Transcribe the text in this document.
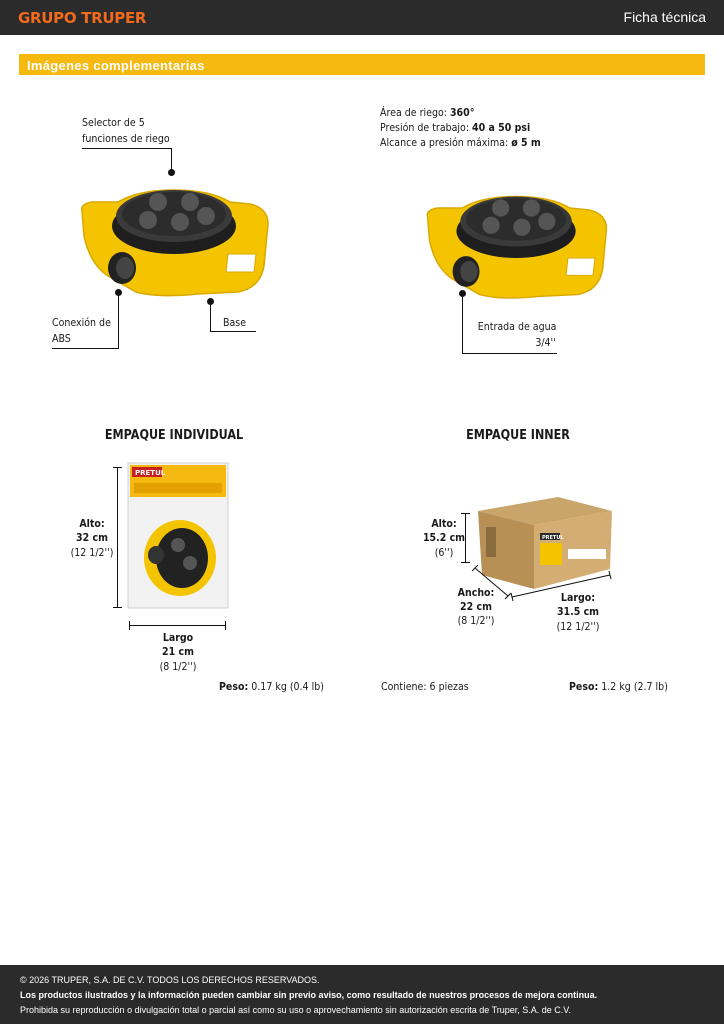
GRUPO TRUPER	Ficha técnica
Imágenes complementarias
Selector de 5
funciones de riego
Conexión de
ABS
Base
Área de riego: 360°
Presión de trabajo: 40 a 50 psi
Alcance a presión máxima: ø 5 m
Entrada de agua
3/4''
EMPAQUE INDIVIDUAL
PRETUL
Alto:
32 cm
(12 1/2'')
Largo
21 cm
(8 1/2'')
Peso: 0.17 kg (0.4 lb)
EMPAQUE INNER
PRETUL
Alto:
15.2 cm
(6'')
Ancho:
22 cm
(8 1/2'')
Largo:
31.5 cm
(12 1/2'')
Contiene: 6 piezas	Peso: 1.2 kg (2.7 lb)
© 2026 TRUPER, S.A. DE C.V. TODOS LOS DERECHOS RESERVADOS.
Los productos ilustrados y la información pueden cambiar sin previo aviso, como resultado de nuestros procesos de mejora continua.
Prohibida su reproducción o divulgación total o parcial así como su uso o aprovechamiento sin autorización escrita de Truper, S.A. de C.V.
